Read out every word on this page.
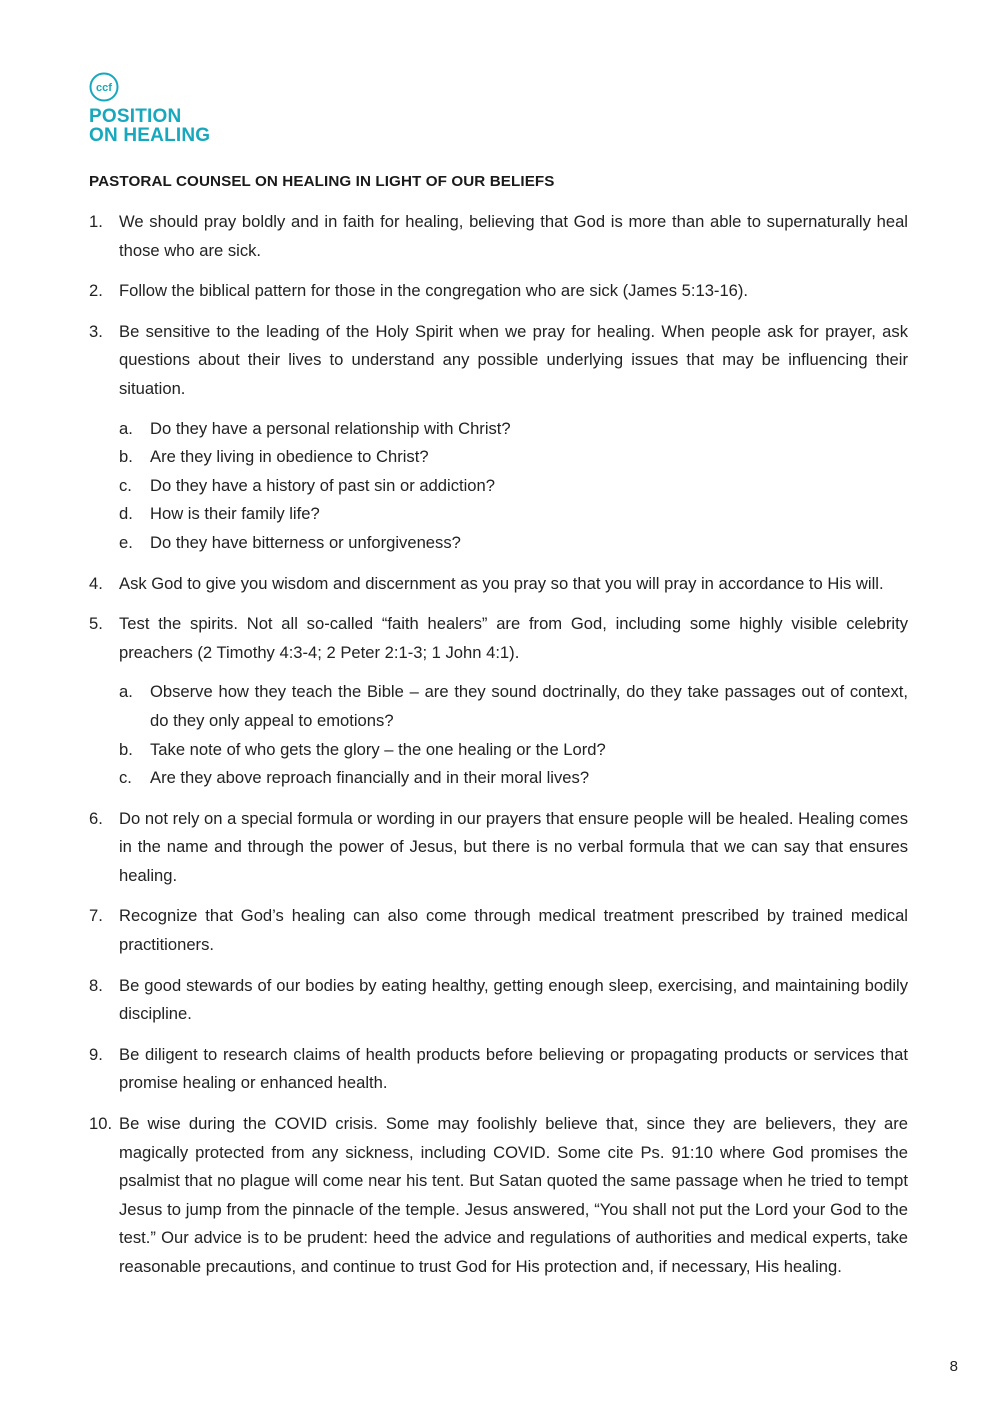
ccf
POSITION
ON HEALING
PASTORAL COUNSEL ON HEALING IN LIGHT OF OUR BELIEFS
1. We should pray boldly and in faith for healing, believing that God is more than able to supernaturally heal those who are sick.
2. Follow the biblical pattern for those in the congregation who are sick (James 5:13-16).
3. Be sensitive to the leading of the Holy Spirit when we pray for healing. When people ask for prayer, ask questions about their lives to understand any possible underlying issues that may be influencing their situation.
a. Do they have a personal relationship with Christ?
b. Are they living in obedience to Christ?
c. Do they have a history of past sin or addiction?
d. How is their family life?
e. Do they have bitterness or unforgiveness?
4. Ask God to give you wisdom and discernment as you pray so that you will pray in accordance to His will.
5. Test the spirits. Not all so-called “faith healers” are from God, including some highly visible celebrity preachers (2 Timothy 4:3-4; 2 Peter 2:1-3; 1 John 4:1).
a. Observe how they teach the Bible – are they sound doctrinally, do they take passages out of context, do they only appeal to emotions?
b. Take note of who gets the glory – the one healing or the Lord?
c. Are they above reproach financially and in their moral lives?
6. Do not rely on a special formula or wording in our prayers that ensure people will be healed. Healing comes in the name and through the power of Jesus, but there is no verbal formula that we can say that ensures healing.
7. Recognize that God’s healing can also come through medical treatment prescribed by trained medical practitioners.
8. Be good stewards of our bodies by eating healthy, getting enough sleep, exercising, and maintaining bodily discipline.
9. Be diligent to research claims of health products before believing or propagating products or services that promise healing or enhanced health.
10. Be wise during the COVID crisis. Some may foolishly believe that, since they are believers, they are magically protected from any sickness, including COVID. Some cite Ps. 91:10 where God promises the psalmist that no plague will come near his tent. But Satan quoted the same passage when he tried to tempt Jesus to jump from the pinnacle of the temple. Jesus answered, “You shall not put the Lord your God to the test.” Our advice is to be prudent: heed the advice and regulations of authorities and medical experts, take reasonable precautions, and continue to trust God for His protection and, if necessary, His healing.
8
